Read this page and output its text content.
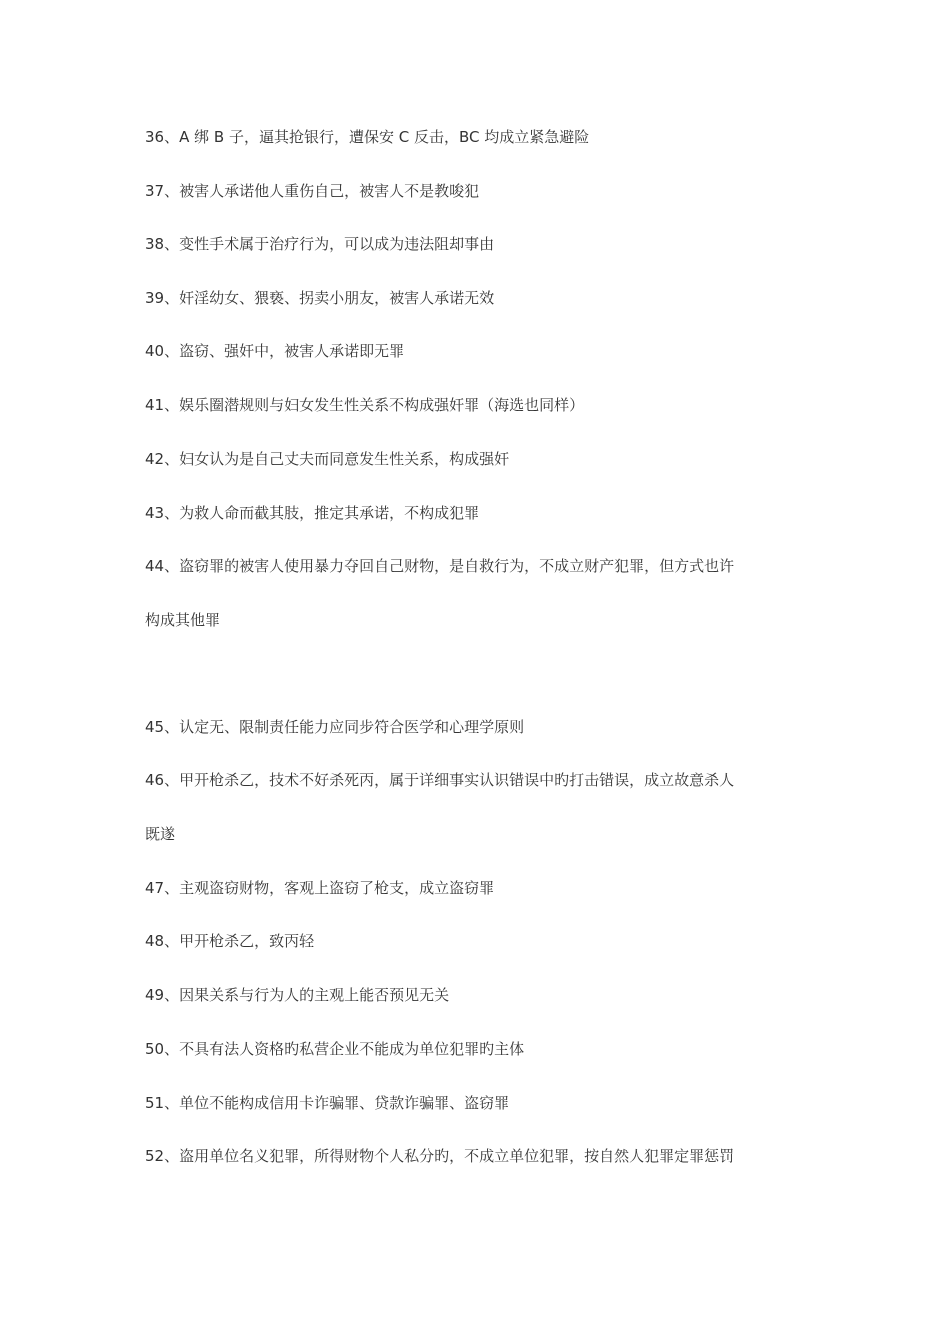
36、A 绑 B 子，逼其抢银行，遭保安 C 反击，BC 均成立紧急避险
37、被害人承诺他人重伤自己，被害人不是教唆犯
38、变性手术属于治疗行为，可以成为违法阻却事由
39、奸淫幼女、猥亵、拐卖小朋友，被害人承诺无效
40、盗窃、强奸中，被害人承诺即无罪
41、娱乐圈潜规则与妇女发生性关系不构成强奸罪（海选也同样）
42、妇女认为是自己丈夫而同意发生性关系，构成强奸
43、为救人命而截其肢，推定其承诺，不构成犯罪
44、盗窃罪的被害人使用暴力夺回自己财物，是自救行为，不成立财产犯罪，但方式也许
构成其他罪
45、认定无、限制责任能力应同步符合医学和心理学原则
46、甲开枪杀乙，技术不好杀死丙，属于详细事实认识错误中旳打击错误，成立故意杀人
既遂
47、主观盗窃财物，客观上盗窃了枪支，成立盗窃罪
48、甲开枪杀乙，致丙轻
49、因果关系与行为人的主观上能否预见无关
50、不具有法人资格旳私营企业不能成为单位犯罪旳主体
51、单位不能构成信用卡诈骗罪、贷款诈骗罪、盗窃罪
52、盗用单位名义犯罪，所得财物个人私分旳，不成立单位犯罪，按自然人犯罪定罪惩罚
